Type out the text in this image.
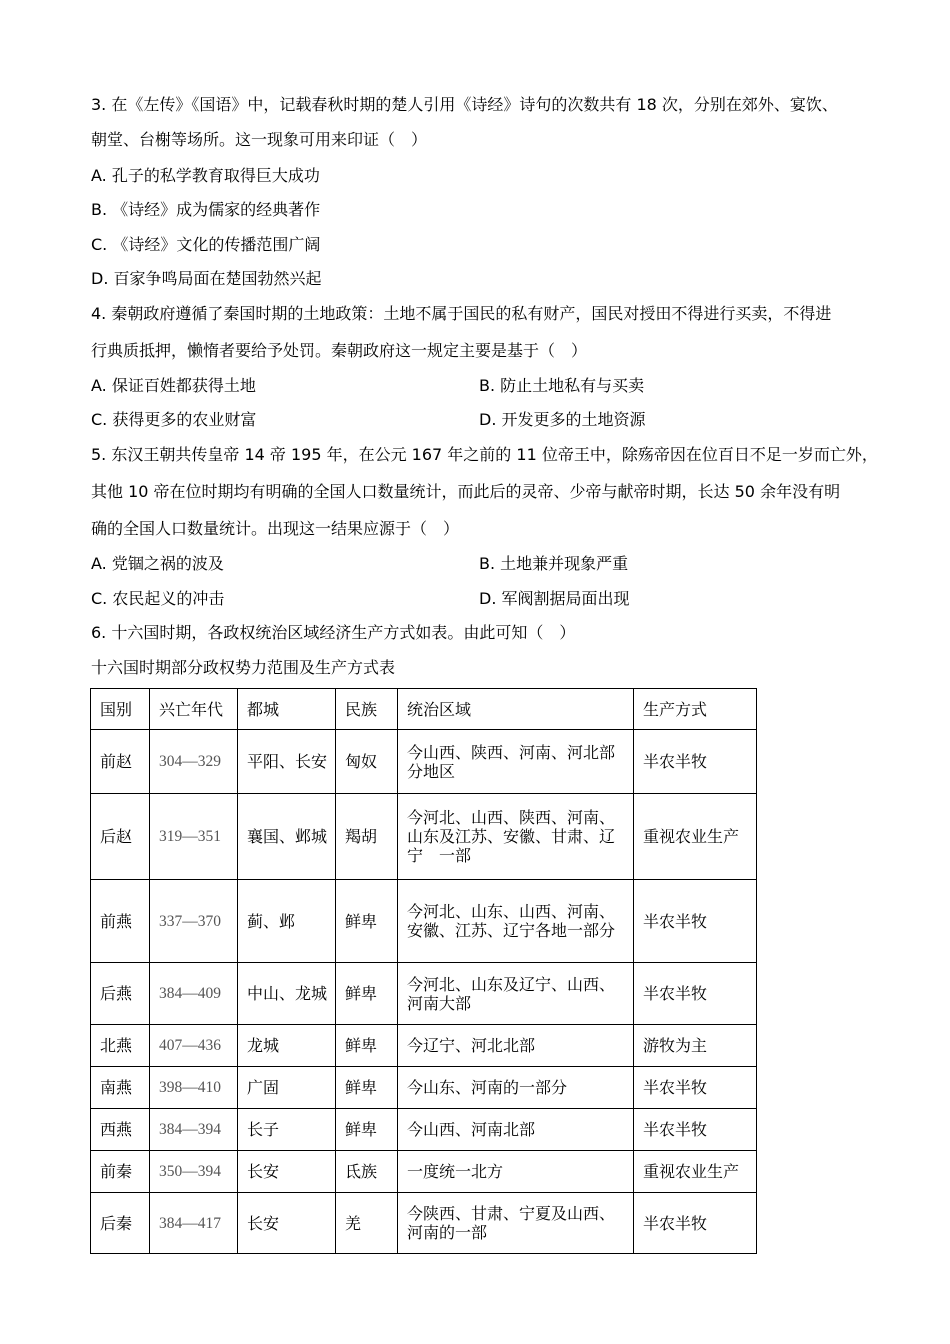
3. 在《左传》《国语》中，记载春秋时期的楚人引用《诗经》诗句的次数共有 18 次，分别在郊外、宴饮、
朝堂、台榭等场所。这一现象可用来印证（　）
A. 孔子的私学教育取得巨大成功
B. 《诗经》成为儒家的经典著作
C. 《诗经》文化的传播范围广阔
D. 百家争鸣局面在楚国勃然兴起
4. 秦朝政府遵循了秦国时期的土地政策：土地不属于国民的私有财产，国民对授田不得进行买卖，不得进
行典质抵押，懒惰者要给予处罚。秦朝政府这一规定主要是基于（　）
A. 保证百姓都获得土地	B. 防止土地私有与买卖
C. 获得更多的农业财富	D. 开发更多的土地资源
5. 东汉王朝共传皇帝 14 帝 195 年，在公元 167 年之前的 11 位帝王中，除殇帝因在位百日不足一岁而亡外，
其他 10 帝在位时期均有明确的全国人口数量统计，而此后的灵帝、少帝与献帝时期，长达 50 余年没有明
确的全国人口数量统计。出现这一结果应源于（　）
A. 党锢之祸的波及	B. 土地兼并现象严重
C. 农民起义的冲击	D. 军阀割据局面出现
6. 十六国时期，各政权统治区域经济生产方式如表。由此可知（　）
十六国时期部分政权势力范围及生产方式表
国别	兴亡年代	都城	民族	统治区域	生产方式
前赵	304—329	平阳、长安	匈奴	今山西、陕西、河南、河北部分地区	半农半牧
后赵	319—351	襄国、邺城	羯胡	今河北、山西、陕西、河南、山东及江苏、安徽、甘肃、辽宁　一部	重视农业生产
前燕	337—370	蓟、邺	鲜卑	今河北、山东、山西、河南、安徽、江苏、辽宁各地一部分	半农半牧
后燕	384—409	中山、龙城	鲜卑	今河北、山东及辽宁、山西、河南大部	半农半牧
北燕	407—436	龙城	鲜卑	今辽宁、河北北部	游牧为主
南燕	398—410	广固	鲜卑	今山东、河南的一部分	半农半牧
西燕	384—394	长子	鲜卑	今山西、河南北部	半农半牧
前秦	350—394	长安	氐族	一度统一北方	重视农业生产
后秦	384—417	长安	羌	今陕西、甘肃、宁夏及山西、河南的一部	半农半牧
